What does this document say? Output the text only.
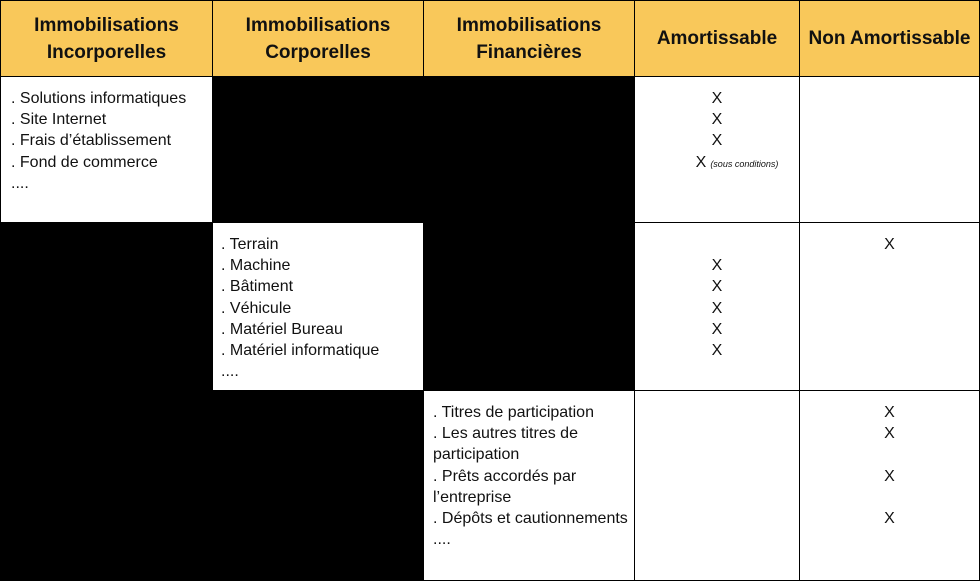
Immobilisations Incorporelles
Immobilisations Corporelles
Immobilisations Financières
Amortissable Non Amortissable
. Solutions informatiques
. Site Internet
. Frais d’établissement
. Fond de commerce
....
X
X
X
X (sous conditions)
. Terrain
. Machine
. Bâtiment
. Véhicule
. Matériel Bureau
. Matériel informatique
....
X
X
X
X
X
X
. Titres de participation
. Les autres titres de participation
. Prêts accordés par l’entreprise
. Dépôts et cautionnements
....
X
X
X
X
